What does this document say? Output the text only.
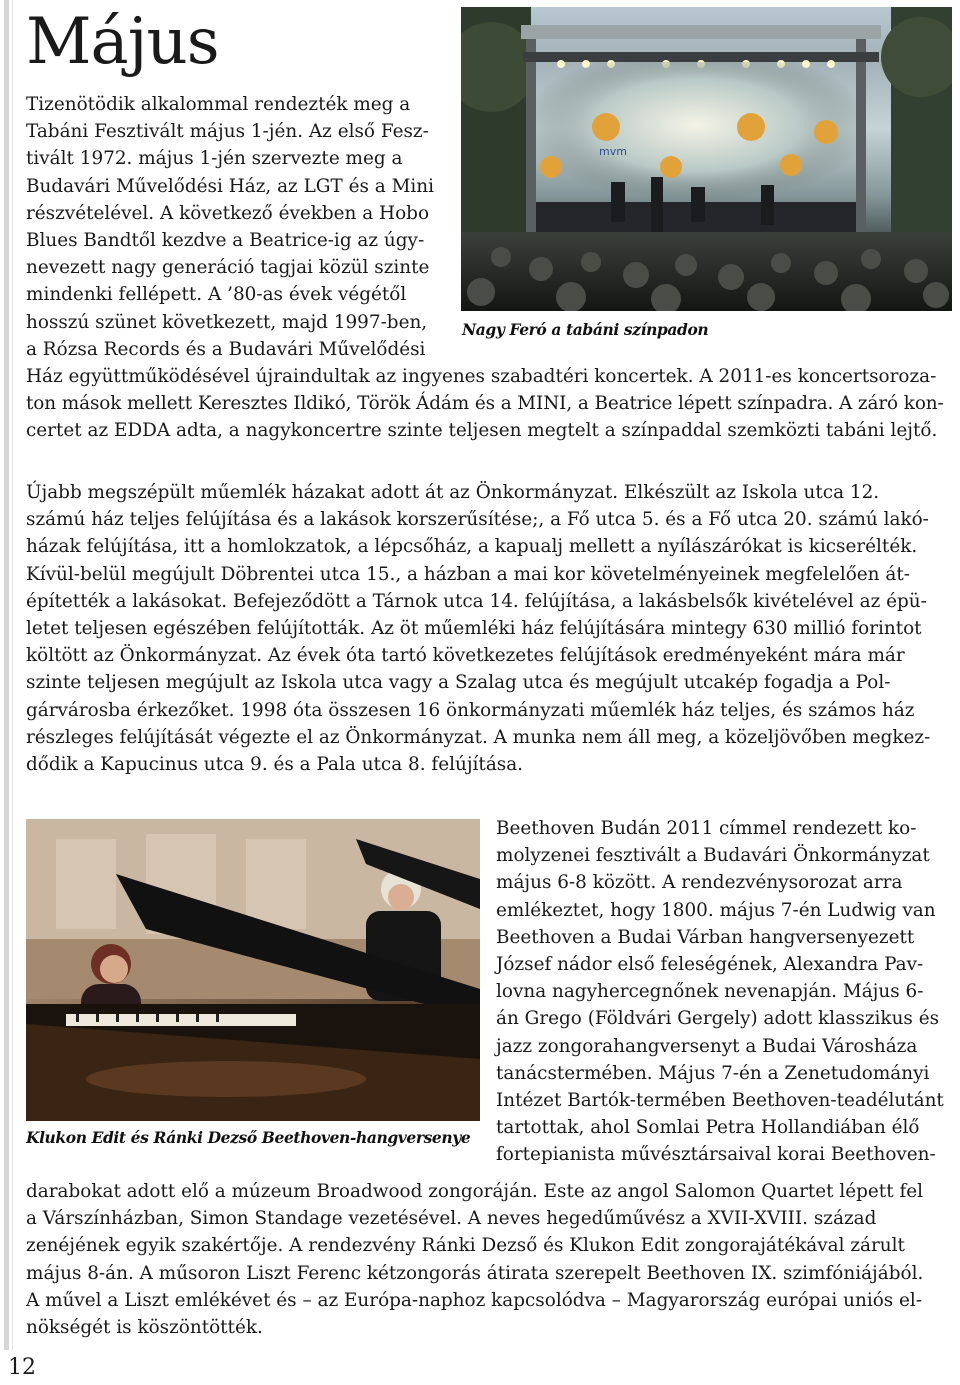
Május
mvm
Nagy Feró a tabáni színpadon
Tizenötödik alkalommal rendezték meg a
Tabáni Fesztivált május 1-jén. Az első Fesz-
tivált 1972. május 1-jén szervezte meg a
Budavári Művelődési Ház, az LGT és a Mini
részvételével. A következő években a Hobo
Blues Bandtől kezdve a Beatrice-ig az úgy-
nevezett nagy generáció tagjai közül szinte
mindenki fellépett. A ’80-as évek végétől
hosszú szünet következett, majd 1997-ben,
a Rózsa Records és a Budavári Művelődési
Ház együttműködésével újraindultak az ingyenes szabadtéri koncertek. A 2011-es koncertsoroza-
ton mások mellett Keresztes Ildikó, Török Ádám és a MINI, a Beatrice lépett színpadra. A záró kon-
certet az EDDA adta, a nagykoncertre szinte teljesen megtelt a színpaddal szemközti tabáni lejtő.
Újabb megszépült műemlék házakat adott át az Önkormányzat. Elkészült az Iskola utca 12.
számú ház teljes felújítása és a lakások korszerűsítése;, a Fő utca 5. és a Fő utca 20. számú lakó-
házak felújítása, itt a homlokzatok, a lépcsőház, a kapualj mellett a nyílászárókat is kicserélték.
Kívül-belül megújult Döbrentei utca 15., a házban a mai kor követelményeinek megfelelően át-
építették a lakásokat. Befejeződött a Tárnok utca 14. felújítása, a lakásbelsők kivételével az épü-
letet teljesen egészében felújították. Az öt műemléki ház felújítására mintegy 630 millió forintot
költött az Önkormányzat. Az évek óta tartó következetes felújítások eredményeként mára már
szinte teljesen megújult az Iskola utca vagy a Szalag utca és megújult utcakép fogadja a Pol-
gárvárosba érkezőket. 1998 óta összesen 16 önkormányzati műemlék ház teljes, és számos ház
részleges felújítását végezte el az Önkormányzat. A munka nem áll meg, a közeljövőben megkez-
dődik a Kapucinus utca 9. és a Pala utca 8. felújítása.
Klukon Edit és Ránki Dezső Beethoven-hangversenye
Beethoven Budán 2011 címmel rendezett ko-
molyzenei fesztivált a Budavári Önkormányzat
május 6-8 között. A rendezvénysorozat arra
emlékeztet, hogy 1800. május 7-én Ludwig van
Beethoven a Budai Várban hangversenyezett
József nádor első feleségének, Alexandra Pav-
lovna nagyhercegnőnek nevenapján. Május 6-
án Grego (Földvári Gergely) adott klasszikus és
jazz zongorahangversenyt a Budai Városháza
tanácstermében. Május 7-én a Zenetudományi
Intézet Bartók-termében Beethoven-teadélutánt
tartottak, ahol Somlai Petra Hollandiában élő
fortepianista művésztársaival korai Beethoven-
darabokat adott elő a múzeum Broadwood zongoráján. Este az angol Salomon Quartet lépett fel
a Várszínházban, Simon Standage vezetésével. A neves hegedűművész a XVII-XVIII. század
zenéjének egyik szakértője. A rendezvény Ránki Dezső és Klukon Edit zongorajátékával zárult
május 8-án. A műsoron Liszt Ferenc kétzongorás átirata szerepelt Beethoven IX. szimfóniájából.
A művel a Liszt emlékévet és – az Európa-naphoz kapcsolódva – Magyarország európai uniós el-
nökségét is köszöntötték.
12
